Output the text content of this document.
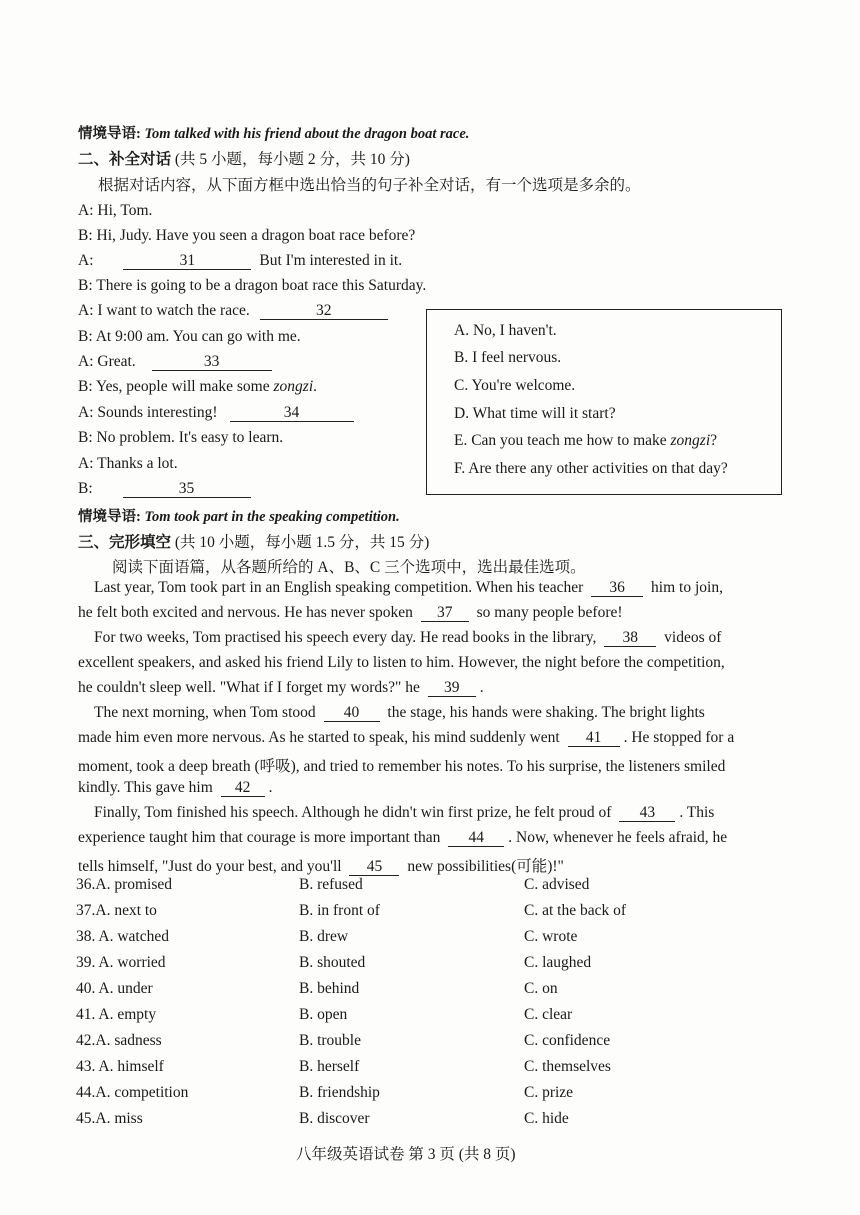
情境导语: Tom talked with his friend about the dragon boat race.
二、补全对话 (共 5 小题，每小题 2 分，共 10 分)
根据对话内容，从下面方框中选出恰当的句子补全对话，有一个选项是多余的。
A: Hi, Tom.
B: Hi, Judy. Have you seen a dragon boat race before?
A:	31	But I'm interested in it.
B: There is going to be a dragon boat race this Saturday.
A: I want to watch the race.	32
B: At 9:00 am. You can go with me.
A: Great.	33
B: Yes, people will make some zongzi.
A: Sounds interesting!	34
B: No problem. It's easy to learn.
A: Thanks a lot.
B:	35
A. No, I haven't.
B. I feel nervous.
C. You're welcome.
D. What time will it start?
E. Can you teach me how to make zongzi?
F. Are there any other activities on that day?
情境导语: Tom took part in the speaking competition.
三、完形填空 (共 10 小题，每小题 1.5 分，共 15 分)
阅读下面语篇，从各题所给的 A、B、C 三个选项中，选出最佳选项。
Last year, Tom took part in an English speaking competition. When his teacher 36 him to join,
he felt both excited and nervous. He has never spoken 37 so many people before!
For two weeks, Tom practised his speech every day. He read books in the library, 38 videos of
excellent speakers, and asked his friend Lily to listen to him. However, the night before the competition,
he couldn't sleep well. "What if I forget my words?" he 39 .
The next morning, when Tom stood 40 the stage, his hands were shaking. The bright lights
made him even more nervous. As he started to speak, his mind suddenly went 41 . He stopped for a
moment, took a deep breath (呼吸), and tried to remember his notes. To his surprise, the listeners smiled
kindly. This gave him 42 .
Finally, Tom finished his speech. Although he didn't win first prize, he felt proud of 43 . This
experience taught him that courage is more important than 44 . Now, whenever he feels afraid, he
tells himself, "Just do your best, and you'll 45 new possibilities(可能)!"
36.A. promised	B. refused	C. advised
37.A. next to	B. in front of	C. at the back of
38. A. watched	B. drew	C. wrote
39. A. worried	B. shouted	C. laughed
40. A. under	B. behind	C. on
41. A. empty	B. open	C. clear
42.A. sadness	B. trouble	C. confidence
43. A. himself	B. herself	C. themselves
44.A. competition	B. friendship	C. prize
45.A. miss	B. discover	C. hide
八年级英语试卷 第 3 页 (共 8 页)
